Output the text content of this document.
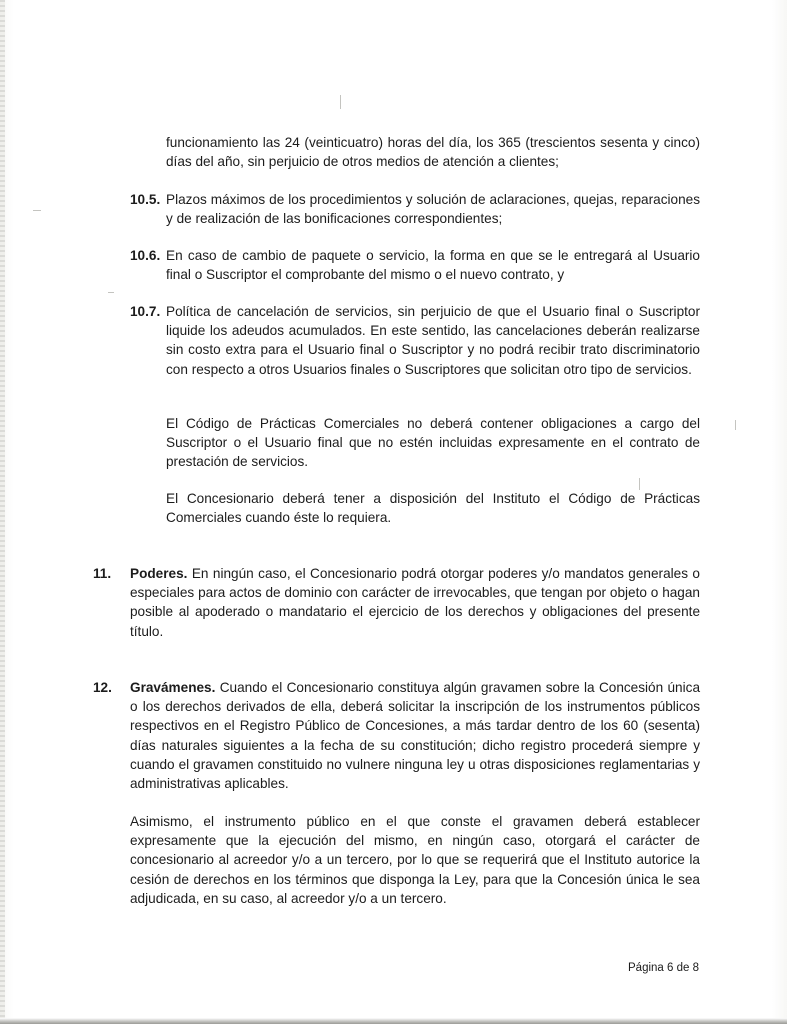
funcionamiento las 24 (veinticuatro) horas del día, los 365 (trescientos sesenta y cinco) días del año, sin perjuicio de otros medios de atención a clientes;

10.5. Plazos máximos de los procedimientos y solución de aclaraciones, quejas, reparaciones y de realización de las bonificaciones correspondientes;

10.6. En caso de cambio de paquete o servicio, la forma en que se le entregará al Usuario final o Suscriptor el comprobante del mismo o el nuevo contrato, y

10.7. Política de cancelación de servicios, sin perjuicio de que el Usuario final o Suscriptor liquide los adeudos acumulados. En este sentido, las cancelaciones deberán realizarse sin costo extra para el Usuario final o Suscriptor y no podrá recibir trato discriminatorio con respecto a otros Usuarios finales o Suscriptores que solicitan otro tipo de servicios.

El Código de Prácticas Comerciales no deberá contener obligaciones a cargo del Suscriptor o el Usuario final que no estén incluidas expresamente en el contrato de prestación de servicios.

El Concesionario deberá tener a disposición del Instituto el Código de Prácticas Comerciales cuando éste lo requiera.

11. Poderes. En ningún caso, el Concesionario podrá otorgar poderes y/o mandatos generales o especiales para actos de dominio con carácter de irrevocables, que tengan por objeto o hagan posible al apoderado o mandatario el ejercicio de los derechos y obligaciones del presente título.

12. Gravámenes. Cuando el Concesionario constituya algún gravamen sobre la Concesión única o los derechos derivados de ella, deberá solicitar la inscripción de los instrumentos públicos respectivos en el Registro Público de Concesiones, a más tardar dentro de los 60 (sesenta) días naturales siguientes a la fecha de su constitución; dicho registro procederá siempre y cuando el gravamen constituido no vulnere ninguna ley u otras disposiciones reglamentarias y administrativas aplicables.

Asimismo, el instrumento público en el que conste el gravamen deberá establecer expresamente que la ejecución del mismo, en ningún caso, otorgará el carácter de concesionario al acreedor y/o a un tercero, por lo que se requerirá que el Instituto autorice la cesión de derechos en los términos que disponga la Ley, para que la Concesión única le sea adjudicada, en su caso, al acreedor y/o a un tercero.

Página 6 de 8
